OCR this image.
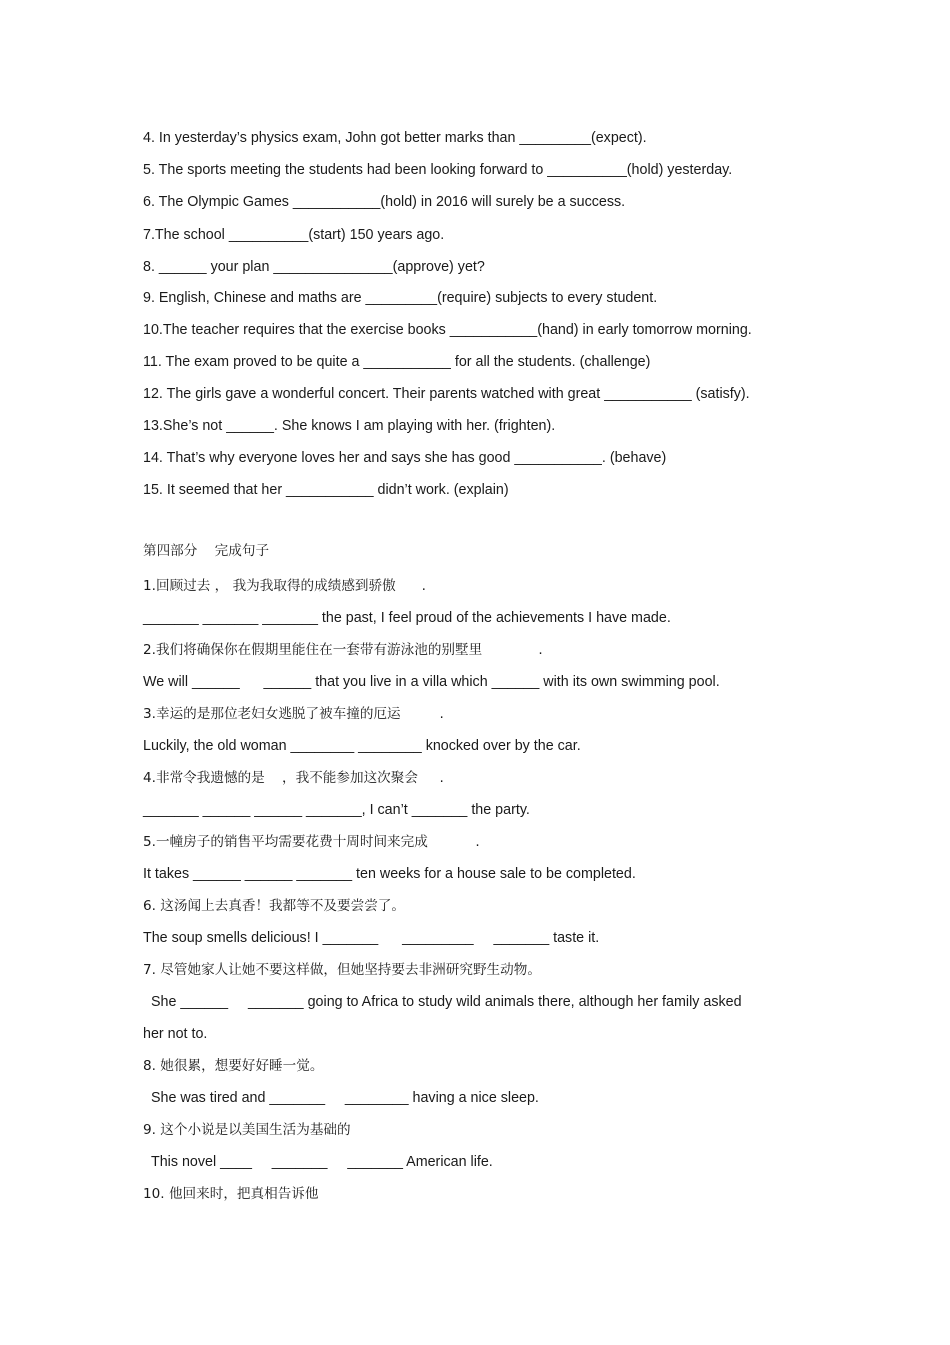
4. In yesterday’s physics exam, John got better marks than _________(expect).
5. The sports meeting the students had been looking forward to __________(hold) yesterday.
6. The Olympic Games ___________(hold) in 2016 will surely be a success.
7.The school __________(start) 150 years ago.
8. ______ your plan _______________(approve) yet?
9. English, Chinese and maths are _________(require) subjects to every student.
10.The teacher requires that the exercise books ___________(hand) in early tomorrow morning.
11. The exam proved to be quite a ___________ for all the students. (challenge)
12. The girls gave a wonderful concert. Their parents watched with great ___________ (satisfy).
13.She’s not ______. She knows I am playing with her. (frighten).
14. That’s why everyone loves her and says she has good ___________. (behave)
15. It seemed that her ___________ didn’t work. (explain)
第四部分    完成句子
1.回顾过去 ， 我为我取得的成绩感到骄傲      .
_______ _______ _______ the past, I feel proud of the achievements I have made.
2.我们将确保你在假期里能住在一套带有游泳池的别墅里             .
We will ______      ______ that you live in a villa which ______ with its own swimming pool.
3.幸运的是那位老妇女逃脱了被车撞的厄运         .
Luckily, the old woman ________ ________ knocked over by the car.
4.非常令我遗憾的是    ，我不能参加这次聚会     .
_______ ______ ______ _______, I can’t _______ the party.
5.一幢房子的销售平均需要花费十周时间来完成           .
It takes ______ ______ _______ ten weeks for a house sale to be completed.
6. 这汤闻上去真香！我都等不及要尝尝了。
The soup smells delicious! I _______      _________     _______ taste it.
7. 尽管她家人让她不要这样做，但她坚持要去非洲研究野生动物。
She ______     _______ going to Africa to study wild animals there, although her family asked
her not to.
8. 她很累，想要好好睡一觉。
She was tired and _______     ________ having a nice sleep.
9. 这个小说是以美国生活为基础的
This novel ____     _______     _______ American life.
10. 他回来时，把真相告诉他
